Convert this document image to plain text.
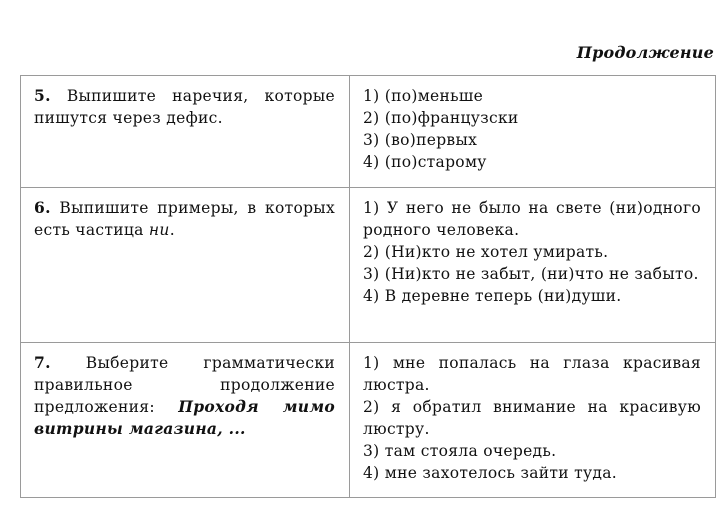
Продолжение
5. Выпишите наречия, которые пишутся через дефис.	1) (по)меньше
2) (по)французски
3) (во)первых
4) (по)старому

6. Выпишите примеры, в которых есть частица ни.	1) У него не было на свете (ни)одного родного человека.
2) (Ни)кто не хотел умирать.
3) (Ни)кто не забыт, (ни)что не забыто.
4) В деревне теперь (ни)души.

7. Выберите грамматически правильное продолжение предложения: Проходя мимо витрины магазина, ...	1) мне попалась на глаза красивая люстра.
2) я обратил внимание на красивую люстру.
3) там стояла очередь.
4) мне захотелось зайти туда.
